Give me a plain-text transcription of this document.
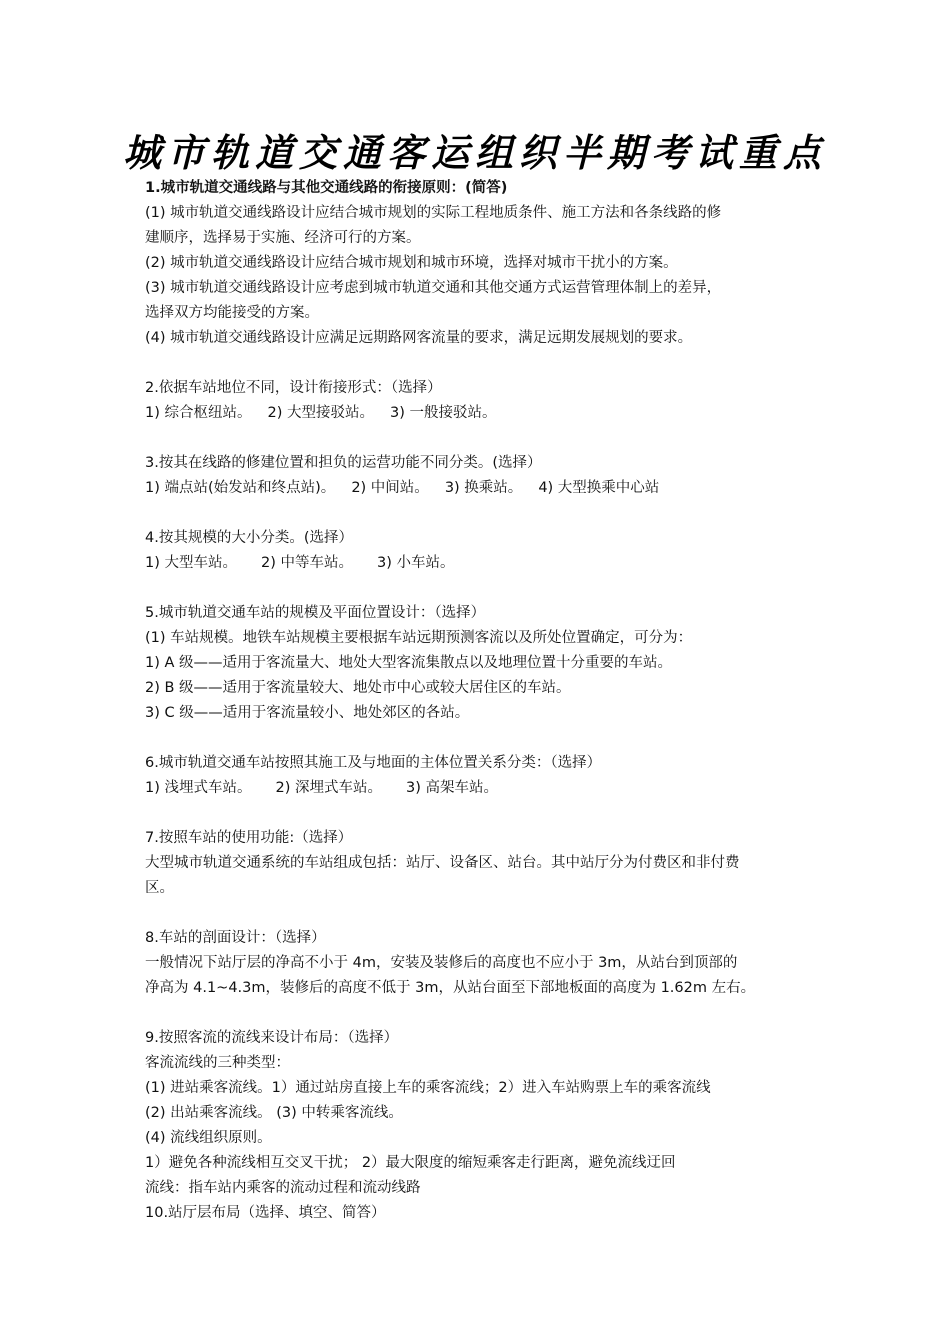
城市轨道交通客运组织半期考试重点
1.城市轨道交通线路与其他交通线路的衔接原则：(简答)
(1) 城市轨道交通线路设计应结合城市规划的实际工程地质条件、施工方法和各条线路的修
建顺序，选择易于实施、经济可行的方案。
(2) 城市轨道交通线路设计应结合城市规划和城市环境，选择对城市干扰小的方案。
(3) 城市轨道交通线路设计应考虑到城市轨道交通和其他交通方式运营管理体制上的差异，
选择双方均能接受的方案。
(4) 城市轨道交通线路设计应满足远期路网客流量的要求，满足远期发展规划的要求。
2.依据车站地位不同，设计衔接形式：（选择）
1) 综合枢纽站。 2) 大型接驳站。 3) 一般接驳站。
3.按其在线路的修建位置和担负的运营功能不同分类。(选择）
1) 端点站(始发站和终点站)。 2) 中间站。 3) 换乘站。 4) 大型换乘中心站
4.按其规模的大小分类。(选择）
1) 大型车站。 2) 中等车站。 3) 小车站。
5.城市轨道交通车站的规模及平面位置设计：（选择）
(1) 车站规模。地铁车站规模主要根据车站远期预测客流以及所处位置确定，可分为：
1) A 级——适用于客流量大、地处大型客流集散点以及地理位置十分重要的车站。
2) B 级——适用于客流量较大、地处市中心或较大居住区的车站。
3) C 级——适用于客流量较小、地处郊区的各站。
6.城市轨道交通车站按照其施工及与地面的主体位置关系分类：（选择）
1) 浅埋式车站。 2) 深埋式车站。 3) 高架车站。
7.按照车站的使用功能:（选择）
大型城市轨道交通系统的车站组成包括：站厅、设备区、站台。其中站厅分为付费区和非付费
区。
8.车站的剖面设计：（选择）
一般情况下站厅层的净高不小于 4m，安装及装修后的高度也不应小于 3m，从站台到顶部的
净高为 4.1~4.3m，装修后的高度不低于 3m，从站台面至下部地板面的高度为 1.62m 左右。
9.按照客流的流线来设计布局：（选择）
客流流线的三种类型：
(1) 进站乘客流线。1）通过站房直接上车的乘客流线；2）进入车站购票上车的乘客流线
(2) 出站乘客流线。 (3) 中转乘客流线。
(4) 流线组织原则。
1）避免各种流线相互交叉干扰； 2）最大限度的缩短乘客走行距离，避免流线迂回
流线：指车站内乘客的流动过程和流动线路
10.站厅层布局（选择、填空、简答）
